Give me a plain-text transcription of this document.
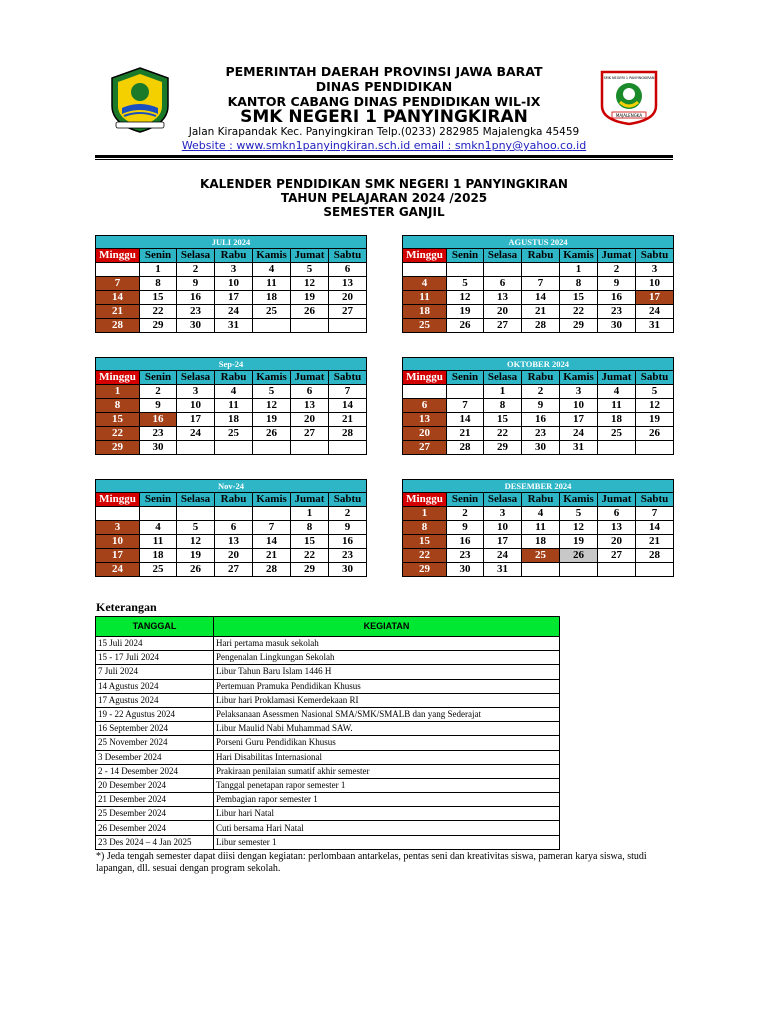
MAJALENGKA
SMK NEGERI 1 PANYINGKIRAN
PEMERINTAH DAERAH PROVINSI JAWA BARAT
DINAS PENDIDIKAN
KANTOR CABANG DINAS PENDIDIKAN WIL-IX
SMK NEGERI 1 PANYINGKIRAN
Jalan Kirapandak Kec. Panyingkiran Telp.(0233) 282985 Majalengka 45459
Website : www.smkn1panyingkiran.sch.id email : smkn1pny@yahoo.co.id
KALENDER PENDIDIKAN SMK NEGERI 1 PANYINGKIRAN
TAHUN PELAJARAN 2024 /2025
SEMESTER GANJIL
JULI 2024						
Minggu	Senin	Selasa	Rabu	Kamis	Jumat	Sabtu
	1	2	3	4	5	6
7	8	9	10	11	12	13
14	15	16	17	18	19	20
21	22	23	24	25	26	27
28	29	30	31			
AGUSTUS 2024						
Minggu	Senin	Selasa	Rabu	Kamis	Jumat	Sabtu
				1	2	3
4	5	6	7	8	9	10
11	12	13	14	15	16	17
18	19	20	21	22	23	24
25	26	27	28	29	30	31
Sep-24						
Minggu	Senin	Selasa	Rabu	Kamis	Jumat	Sabtu
1	2	3	4	5	6	7
8	9	10	11	12	13	14
15	16	17	18	19	20	21
22	23	24	25	26	27	28
29	30					
OKTOBER 2024						
Minggu	Senin	Selasa	Rabu	Kamis	Jumat	Sabtu
		1	2	3	4	5
6	7	8	9	10	11	12
13	14	15	16	17	18	19
20	21	22	23	24	25	26
27	28	29	30	31		
Nov-24						
Minggu	Senin	Selasa	Rabu	Kamis	Jumat	Sabtu
					1	2
3	4	5	6	7	8	9
10	11	12	13	14	15	16
17	18	19	20	21	22	23
24	25	26	27	28	29	30
DESEMBER 2024						
Minggu	Senin	Selasa	Rabu	Kamis	Jumat	Sabtu
1	2	3	4	5	6	7
8	9	10	11	12	13	14
15	16	17	18	19	20	21
22	23	24	25	26	27	28
29	30	31				
Keterangan
TANGGAL	KEGIATAN
15 Juli 2024	Hari pertama masuk sekolah
15 - 17 Juli 2024	Pengenalan Lingkungan Sekolah
7 Juli 2024	Libur Tahun Baru Islam 1446 H
14 Agustus 2024	Pertemuan Pramuka Pendidikan Khusus
17 Agustus 2024	Libur hari Proklamasi Kemerdekaan RI
19 - 22 Agustus 2024	Pelaksanaan Asessmen Nasional SMA/SMK/SMALB dan yang Sederajat
16 September 2024	Libur Maulid Nabi Muhammad SAW.
25 November 2024	Porseni Guru Pendidikan Khusus
3 Desember 2024	Hari Disabilitas Internasional
2 - 14 Desember 2024	Prakiraan penilaian sumatif akhir semester
20 Desember 2024	Tanggal penetapan rapor semester 1
21 Desember 2024	Pembagian rapor semester 1
25 Desember 2024	Libur hari Natal
26 Desember 2024	Cuti bersama Hari Natal
23 Des 2024 – 4 Jan 2025	Libur semester 1
*) Jeda tengah semester dapat diisi dengan kegiatan: perlombaan antarkelas, pentas seni dan kreativitas siswa, pameran karya siswa, studi lapangan, dll. sesuai dengan program sekolah.
